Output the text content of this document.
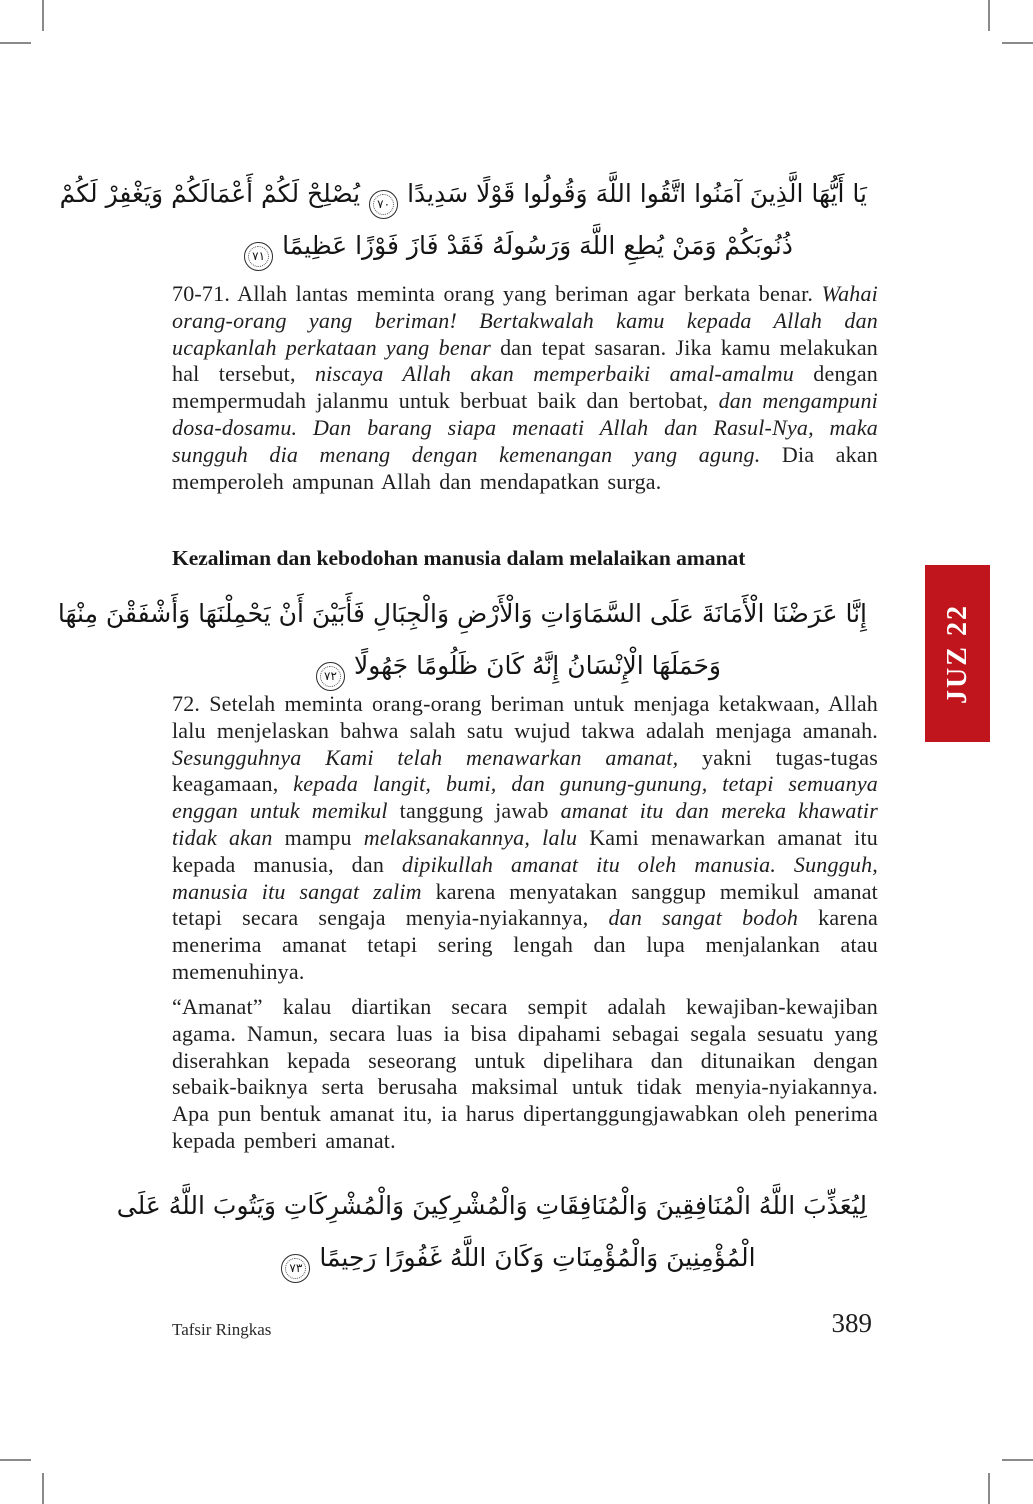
يَا أَيُّهَا الَّذِينَ آمَنُوا اتَّقُوا اللَّهَ وَقُولُوا قَوْلًا سَدِيدًا٧٠يُصْلِحْ لَكُمْ أَعْمَالَكُمْ وَيَغْفِرْ لَكُمْ
ذُنُوبَكُمْ وَمَنْ يُطِعِ اللَّهَ وَرَسُولَهُ فَقَدْ فَازَ فَوْزًا عَظِيمًا٧١

70-71. Allah lantas meminta orang yang beriman agar berkata benar. Wahai orang-orang yang beriman! Bertakwalah kamu kepada Allah dan ucapkanlah perkataan yang benar dan tepat sasaran. Jika kamu melakukan hal tersebut, niscaya Allah akan memperbaiki amal-amalmu dengan mempermudah jalanmu untuk berbuat baik dan bertobat, dan mengampuni dosa-dosamu. Dan barang siapa menaati Allah dan Rasul-Nya, maka sungguh dia menang dengan kemenangan yang agung. Dia akan memperoleh ampunan Allah dan mendapatkan surga.

Kezaliman dan kebodohan manusia dalam melalaikan amanat
إِنَّا عَرَضْنَا الْأَمَانَةَ عَلَى السَّمَاوَاتِ وَالْأَرْضِ وَالْجِبَالِ فَأَبَيْنَ أَنْ يَحْمِلْنَهَا وَأَشْفَقْنَ مِنْهَا
وَحَمَلَهَا الْإِنْسَانُ إِنَّهُ كَانَ ظَلُومًا جَهُولًا٧٢

72. Setelah meminta orang-orang beriman untuk menjaga ketakwaan, Allah lalu menjelaskan bahwa salah satu wujud takwa adalah menjaga amanah. Sesungguhnya Kami telah menawarkan amanat, yakni tugas-tugas keagamaan, kepada langit, bumi, dan gunung-gunung, tetapi semuanya enggan untuk memikul tanggung jawab amanat itu dan mereka khawatir tidak akan mampu melaksanakannya, lalu Kami menawarkan amanat itu kepada manusia, dan dipikullah amanat itu oleh manusia. Sungguh, manusia itu sangat zalim karena menyatakan sanggup memikul amanat tetapi secara sengaja menyia-nyiakannya, dan sangat bodoh karena menerima amanat tetapi sering lengah dan lupa menjalankan atau memenuhinya.

“Amanat” kalau diartikan secara sempit adalah kewajiban-kewajiban agama. Namun, secara luas ia bisa dipahami sebagai segala sesuatu yang diserahkan kepada seseorang untuk dipelihara dan ditunaikan dengan sebaik-baiknya serta berusaha maksimal untuk tidak menyia-nyiakannya. Apa pun bentuk amanat itu, ia harus dipertanggungjawabkan oleh penerima kepada pemberi amanat.

لِيُعَذِّبَ اللَّهُ الْمُنَافِقِينَ وَالْمُنَافِقَاتِ وَالْمُشْرِكِينَ وَالْمُشْرِكَاتِ وَيَتُوبَ اللَّهُ عَلَى
الْمُؤْمِنِينَ وَالْمُؤْمِنَاتِ وَكَانَ اللَّهُ غَفُورًا رَحِيمًا٧٣
Tafsir Ringkas	389
JUZ 22
